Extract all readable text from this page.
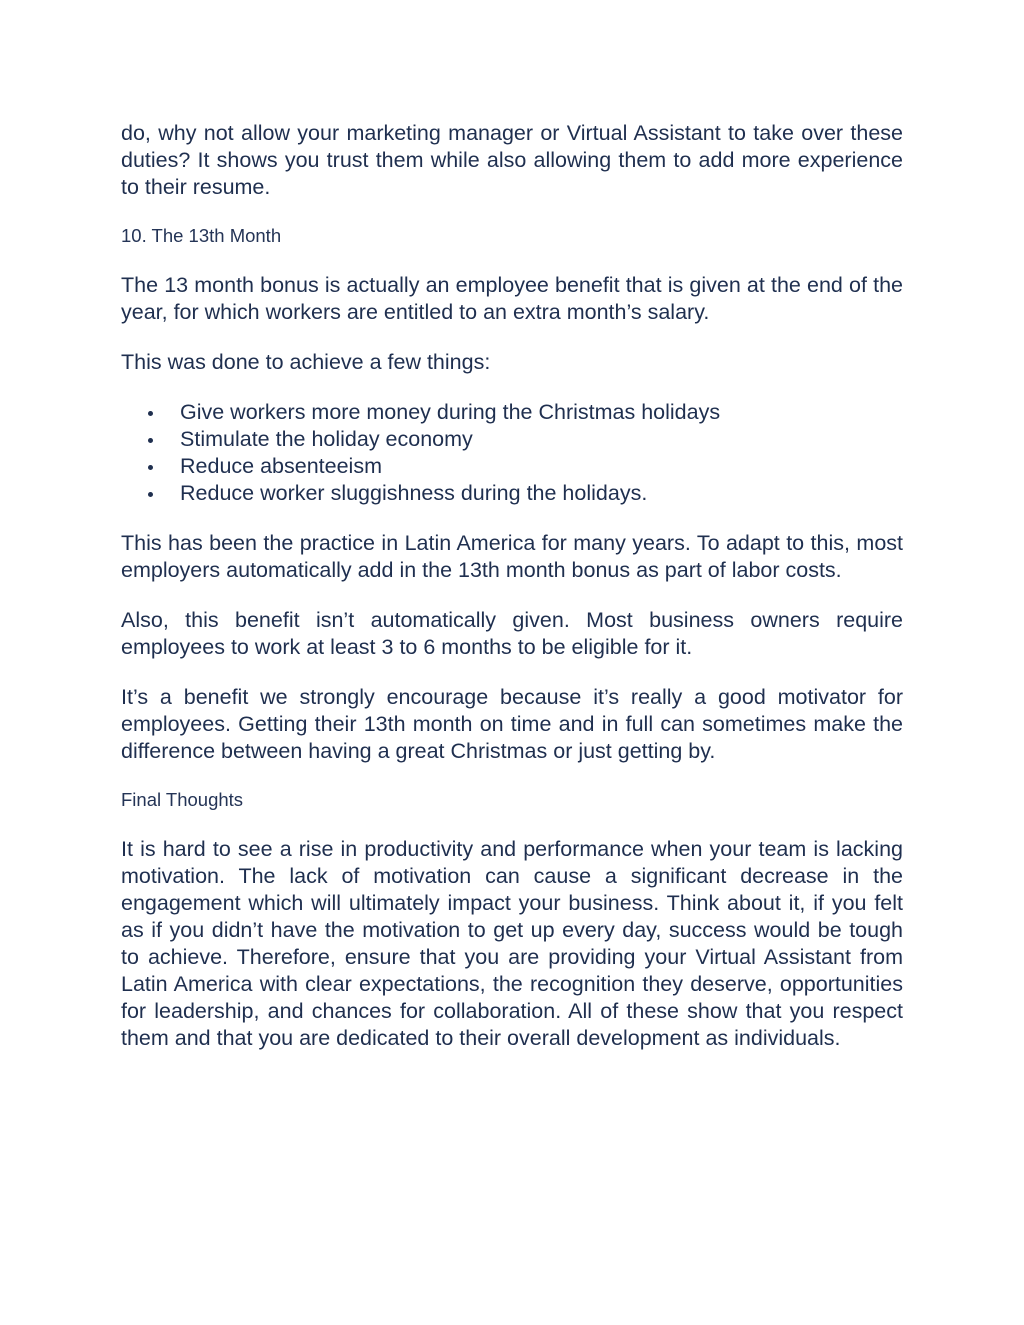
do, why not allow your marketing manager or Virtual Assistant to take over these duties? It shows you trust them while also allowing them to add more experience to their resume.

10. The 13th Month

The 13 month bonus is actually an employee benefit that is given at the end of the year, for which workers are entitled to an extra month’s salary.

This was done to achieve a few things:

Give workers more money during the Christmas holidays
Stimulate the holiday economy
Reduce absenteeism
Reduce worker sluggishness during the holidays.

This has been the practice in Latin America for many years. To adapt to this, most employers automatically add in the 13th month bonus as part of labor costs.

Also, this benefit isn’t automatically given. Most business owners require employees to work at least 3 to 6 months to be eligible for it.

It’s a benefit we strongly encourage because it’s really a good motivator for employees. Getting their 13th month on time and in full can sometimes make the difference between having a great Christmas or just getting by.

Final Thoughts

It is hard to see a rise in productivity and performance when your team is lacking motivation. The lack of motivation can cause a significant decrease in the engagement which will ultimately impact your business. Think about it, if you felt as if you didn’t have the motivation to get up every day, success would be tough to achieve. Therefore, ensure that you are providing your Virtual Assistant from Latin America with clear expectations, the recognition they deserve, opportunities for leadership, and chances for collaboration. All of these show that you respect them and that you are dedicated to their overall development as individuals.
